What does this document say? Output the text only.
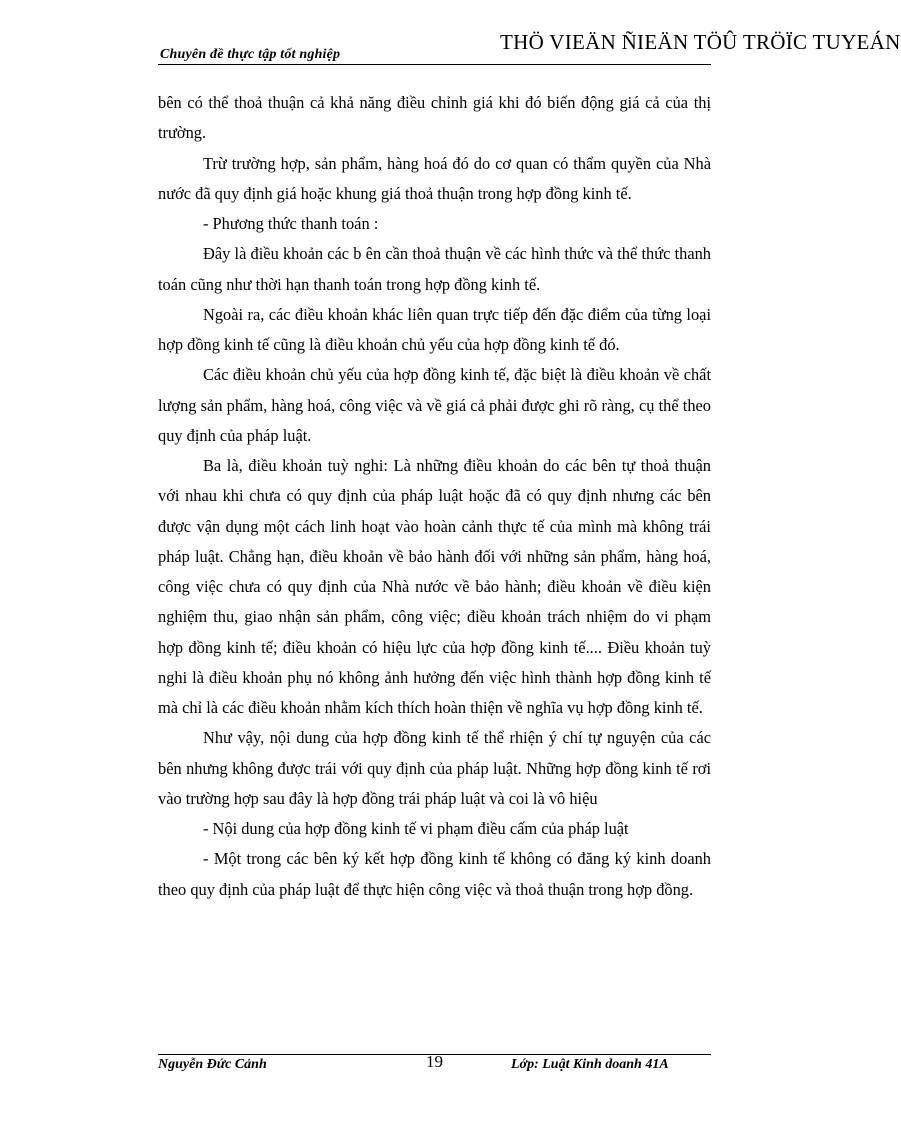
Chuyên đề thực tập tốt nghiệp
THÖ VIEÄN ÑIEÄN TÖÛ TRÖÏC TUYEÁN

bên có thể thoả thuận cả khả năng điều chỉnh giá khi đó biến động giá cả của thị trường.

Trừ trường hợp, sản phẩm, hàng hoá đó do cơ quan có thẩm quyền của Nhà nước đã quy định giá hoặc khung giá thoả thuận trong hợp đồng kinh tế.

- Phương thức thanh toán :

Đây là điều khoản các b ên cần thoả thuận về các hình thức và thể thức thanh toán cũng như thời hạn thanh toán trong hợp đồng kinh tế.

Ngoài ra, các điều khoản khác liên quan trực tiếp đến đặc điểm của từng loại hợp đồng kinh tế cũng là điều khoản chủ yếu của hợp đồng kinh tế đó.

Các điều khoản chủ yếu của hợp đồng kinh tế, đặc biệt là điều khoản về chất lượng sản phẩm, hàng hoá, công việc và về giá cả phải được ghi rõ ràng, cụ thể theo quy định của pháp luật.

Ba là, điều khoản tuỳ nghi: Là những điều khoản do các bên tự thoả thuận với nhau khi chưa có quy định của pháp luật hoặc đã có quy định nhưng các bên được vận dụng một cách linh hoạt vào hoàn cảnh thực tế của mình mà không trái pháp luật. Chẳng hạn, điều khoản về bảo hành đối với những sản phẩm, hàng hoá, công việc chưa có quy định của Nhà nước về bảo hành; điều khoản về điều kiện nghiệm thu, giao nhận sản phẩm, công việc; điều khoản trách nhiệm do vi phạm hợp đồng kinh tế; điều khoản có hiệu lực của hợp đồng kinh tế.... Điều khoản tuỳ nghi là điều khoản phụ nó không ảnh hưởng đến việc hình thành hợp đồng kinh tế mà chỉ là các điều khoản nhằm kích thích hoàn thiện về nghĩa vụ hợp đồng kinh tế.

Như vậy, nội dung của hợp đồng kinh tế thể rhiện ý chí tự nguyện của các bên nhưng không được trái với quy định của pháp luật. Những hợp đồng kinh tế rơi vào trường hợp sau đây là hợp đồng trái pháp luật và coi là vô hiệu

- Nội dung của hợp đồng kinh tế vi phạm điều cấm của pháp luật

- Một trong các bên ký kết hợp đồng kinh tế không có đăng ký kinh doanh theo quy định của pháp luật để thực hiện công việc và thoả thuận trong hợp đồng.

Nguyễn Đức Cảnh	19	Lớp: Luật Kinh doanh 41A
